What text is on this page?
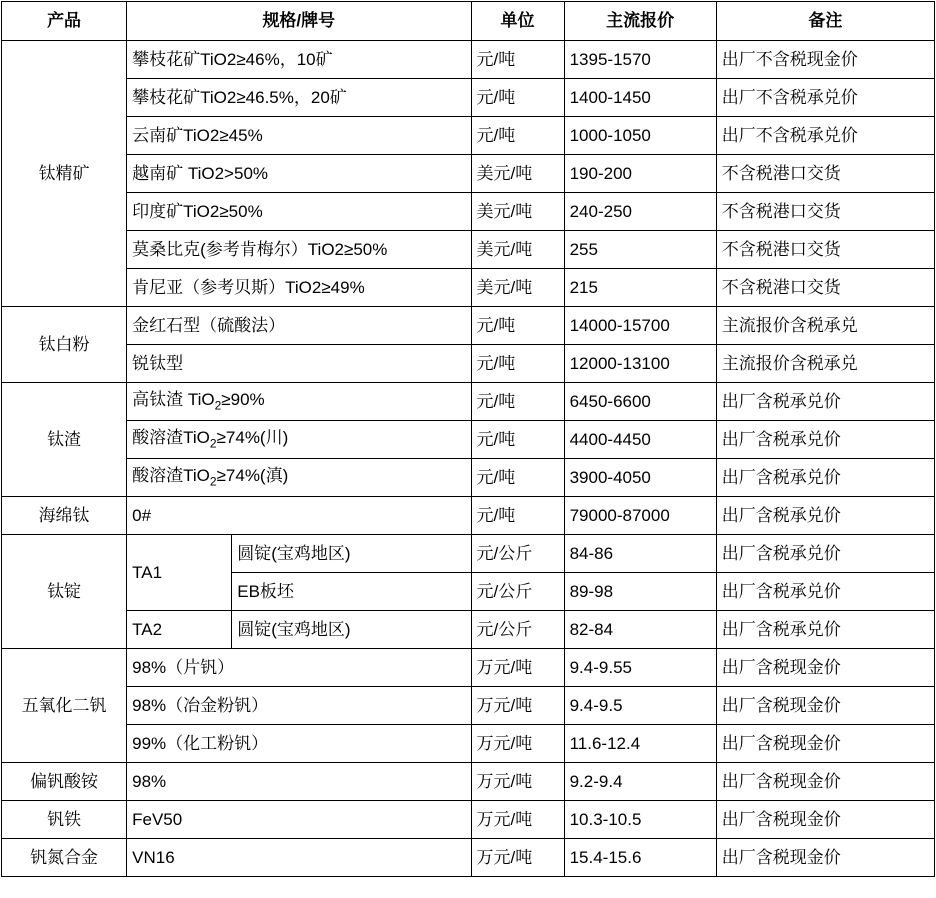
产品	规格/牌号		单位	主流报价	备注
钛精矿	攀枝花矿TiO2≥46%，10矿		元/吨	1395-1570	出厂不含税现金价
	攀枝花矿TiO2≥46.5%，20矿		元/吨	1400-1450	出厂不含税承兑价
	云南矿TiO2≥45%		元/吨	1000-1050	出厂不含税承兑价
	越南矿 TiO2>50%		美元/吨	190-200	不含税港口交货
	印度矿TiO2≥50%		美元/吨	240-250	不含税港口交货
	莫桑比克(参考肯梅尔）TiO2≥50%		美元/吨	255	不含税港口交货
	肯尼亚（参考贝斯）TiO2≥49%		美元/吨	215	不含税港口交货
钛白粉	金红石型（硫酸法）		元/吨	14000-15700	主流报价含税承兑
	锐钛型		元/吨	12000-13100	主流报价含税承兑
钛渣	高钛渣 TiO$_2$≥90%		元/吨	6450-6600	出厂含税承兑价
	酸溶渣TiO$_2$≥74%(川)		元/吨	4400-4450	出厂含税承兑价
	酸溶渣TiO$_2$≥74%(滇)		元/吨	3900-4050	出厂含税承兑价
海绵钛	0#		元/吨	79000-87000	出厂含税承兑价
钛锭	TA1	圆锭(宝鸡地区)	元/公斤	84-86	出厂含税承兑价
		EB板坯	元/公斤	89-98	出厂含税承兑价
	TA2	圆锭(宝鸡地区)	元/公斤	82-84	出厂含税承兑价
五氧化二钒	98%（片钒）		万元/吨	9.4-9.55	出厂含税现金价
	98%（冶金粉钒）		万元/吨	9.4-9.5	出厂含税现金价
	99%（化工粉钒）		万元/吨	11.6-12.4	出厂含税现金价
偏钒酸铵	98%		万元/吨	9.2-9.4	出厂含税现金价
钒铁	FeV50		万元/吨	10.3-10.5	出厂含税现金价
钒氮合金	VN16		万元/吨	15.4-15.6	出厂含税现金价
